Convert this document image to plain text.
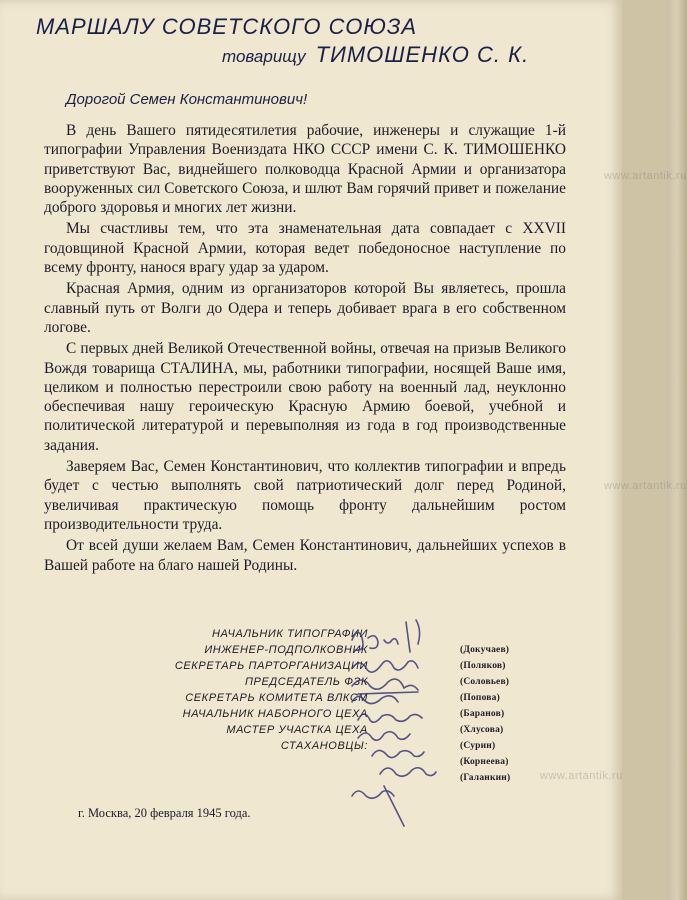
МАРШАЛУ СОВЕТСКОГО СОЮЗА
товарищу ТИМОШЕНКО С. К.
Дорогой Семен Константинович!

В день Вашего пятидесятилетия рабочие, инженеры и служащие 1-й типографии Управления Воениздата НКО СССР имени С. К. ТИМОШЕНКО приветствуют Вас, виднейшего полководца Красной Армии и организатора вооруженных сил Советского Союза, и шлют Вам горячий привет и пожелание доброго здоровья и многих лет жизни.

Мы счастливы тем, что эта знаменательная дата совпадает с XXVII годовщиной Красной Армии, которая ведет победоносное наступление по всему фронту, нанося врагу удар за ударом.

Красная Армия, одним из организаторов которой Вы являетесь, прошла славный путь от Волги до Одера и теперь добивает врага в его собственном логове.

С первых дней Великой Отечественной войны, отвечая на призыв Великого Вождя товарища СТАЛИНА, мы, работники типографии, носящей Ваше имя, целиком и полностью перестроили свою работу на военный лад, неуклонно обеспечивая нашу героическую Красную Армию боевой, учебной и политической литературой и перевыполняя из года в год производственные задания.

Заверяем Вас, Семен Константинович, что коллектив типографии и впредь будет с честью выполнять свой патриотический долг перед Родиной, увеличивая практическую помощь фронту дальнейшим ростом производительности труда.

От всей души желаем Вам, Семен Константинович, дальнейших успехов в Вашей работе на благо нашей Родины.

НАЧАЛЬНИК ТИПОГРАФИИ
ИНЖЕНЕР-ПОДПОЛКОВНИК	(Докучаев)
СЕКРЕТАРЬ ПАРТОРГАНИЗАЦИИ	(Поляков)
ПРЕДСЕДАТЕЛЬ ФЗК	(Соловьев)
СЕКРЕТАРЬ КОМИТЕТА ВЛКСМ	(Попова)
НАЧАЛЬНИК НАБОРНОГО ЦЕХА	(Баранов)
МАСТЕР УЧАСТКА ЦЕХА	(Хлусова)
СТАХАНОВЦЫ:	(Сурин)
(Корнеева)
(Галанкин)
www.artantik.ru
www.artantik.ru
www.artantik.ru
г. Москва, 20 февраля 1945 года.
